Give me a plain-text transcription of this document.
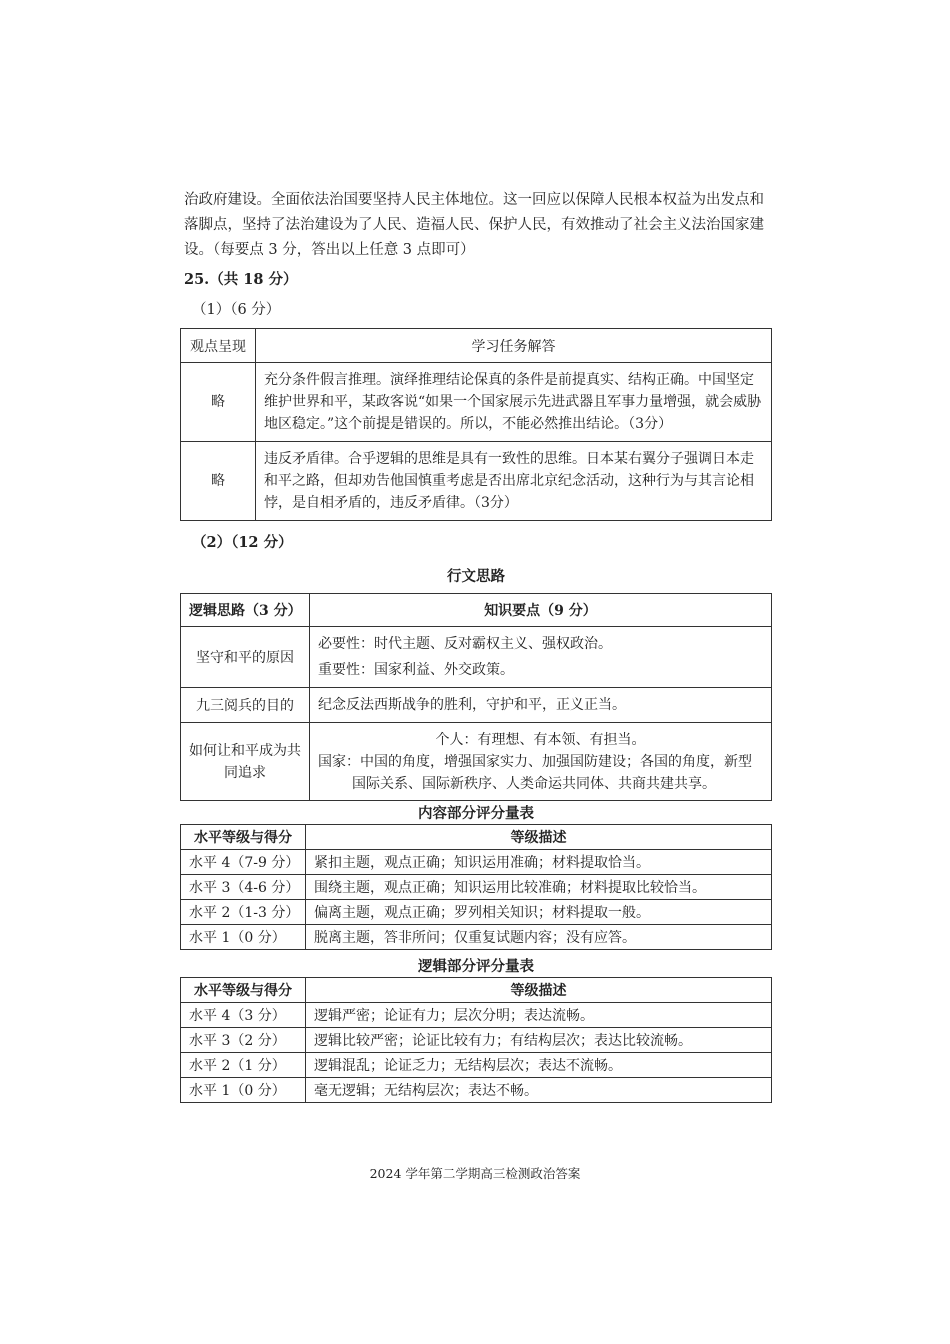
治政府建设。全面依法治国要坚持人民主体地位。这一回应以保障人民根本权益为出发点和
落脚点，坚持了法治建设为了人民、造福人民、保护人民，有效推动了社会主义法治国家建
设。（每要点 3 分，答出以上任意 3 点即可）

25.（共 18 分）
（1）（6 分）
观点呈现	学习任务解答
略	充分条件假言推理。演绎推理结论保真的条件是前提真实、结构正确。中国坚定维护世界和平，某政客说“如果一个国家展示先进武器且军事力量增强，就会威胁地区稳定。”这个前提是错误的。所以，不能必然推出结论。（3分）
略	违反矛盾律。合乎逻辑的思维是具有一致性的思维。日本某右翼分子强调日本走和平之路，但却劝告他国慎重考虑是否出席北京纪念活动，这种行为与其言论相悖，是自相矛盾的，违反矛盾律。（3分）
（2）（12 分）
行文思路
逻辑思路（3 分）	知识要点（9 分）
坚守和平的原因	必要性：时代主题、反对霸权主义、强权政治。
重要性：国家利益、外交政策。

九三阅兵的目的	纪念反法西斯战争的胜利，守护和平，正义正当。

如何让和平成为共同追求	个人：有理想、有本领、有担当。
国家：中国的角度，增强国家实力、加强国防建设；各国的角度，新型国际关系、国际新秩序、人类命运共同体、共商共建共享。
内容部分评分量表
水平等级与得分	等级描述
水平 4（7-9 分）	紧扣主题，观点正确；知识运用准确；材料提取恰当。
水平 3（4-6 分）	围绕主题，观点正确；知识运用比较准确；材料提取比较恰当。
水平 2（1-3 分）	偏离主题，观点正确；罗列相关知识；材料提取一般。
水平 1（0 分）	脱离主题，答非所问；仅重复试题内容；没有应答。
逻辑部分评分量表
水平等级与得分	等级描述
水平 4（3 分）	逻辑严密；论证有力；层次分明；表达流畅。
水平 3（2 分）	逻辑比较严密；论证比较有力；有结构层次；表达比较流畅。
水平 2（1 分）	逻辑混乱；论证乏力；无结构层次；表达不流畅。
水平 1（0 分）	毫无逻辑；无结构层次；表达不畅。
2024 学年第二学期高三检测政治答案
